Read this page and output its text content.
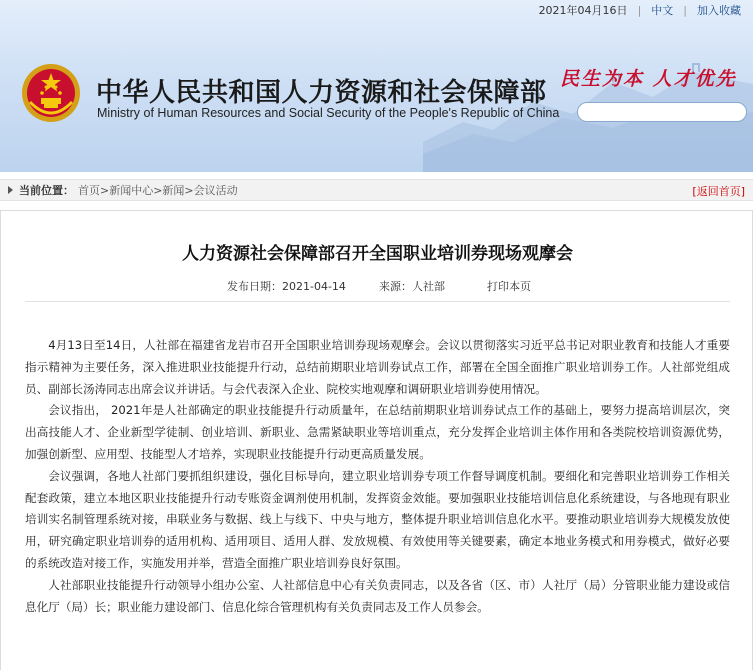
2021年04月16日 | 中文 | 加入收藏
中华人民共和国人力资源和社会保障部
Ministry of Human Resources and Social Security of the People's Republic of China
民生为本 人才优先
当前位置： 首页>新闻中心>新闻>会议活动	[返回首页]
人力资源社会保障部召开全国职业培训券现场观摩会
发布日期：2021-04-14	来源：人社部	打印本页

4月13日至14日，人社部在福建省龙岩市召开全国职业培训券现场观摩会。会议以贯彻落实习近平总书记对职业教育和技能人才重要指示精神为主要任务，深入推进职业技能提升行动，总结前期职业培训券试点工作，部署在全国全面推广职业培训券工作。人社部党组成员、副部长汤涛同志出席会议并讲话。与会代表深入企业、院校实地观摩和调研职业培训券使用情况。

会议指出， 2021年是人社部确定的职业技能提升行动质量年，在总结前期职业培训券试点工作的基础上，要努力提高培训层次，突出高技能人才、企业新型学徒制、创业培训、新职业、急需紧缺职业等培训重点，充分发挥企业培训主体作用和各类院校培训资源优势，加强创新型、应用型、技能型人才培养，实现职业技能提升行动更高质量发展。

会议强调，各地人社部门要抓组织建设，强化目标导向，建立职业培训券专项工作督导调度机制。要细化和完善职业培训券工作相关配套政策，建立本地区职业技能提升行动专账资金调剂使用机制，发挥资金效能。要加强职业技能培训信息化系统建设，与各地现有职业培训实名制管理系统对接，串联业务与数据、线上与线下、中央与地方，整体提升职业培训信息化水平。要推动职业培训券大规模发放使用，研究确定职业培训券的适用机构、适用项目、适用人群、发放规模、有效使用等关键要素，确定本地业务模式和用券模式，做好必要的系统改造对接工作，实施发用并举，营造全面推广职业培训券良好氛围。

人社部职业技能提升行动领导小组办公室、人社部信息中心有关负责同志，以及各省（区、市）人社厅（局）分管职业能力建设或信息化厅（局）长；职业能力建设部门、信息化综合管理机构有关负责同志及工作人员参会。
